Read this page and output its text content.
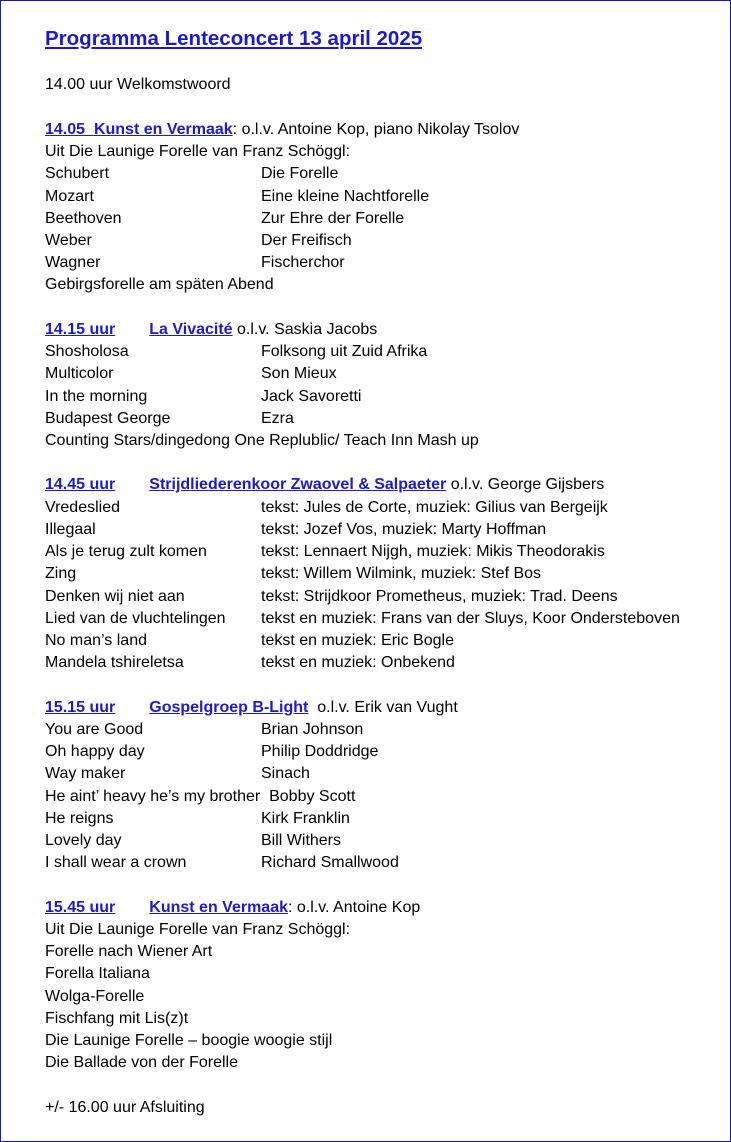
Programma Lenteconcert 13 april 2025
14.00 uur Welkomstwoord
14.05 Kunst en Vermaak: o.l.v. Antoine Kop, piano Nikolay Tsolov
Uit Die Launige Forelle van Franz Schöggl:
Schubert	Die Forelle
Mozart	Eine kleine Nachtforelle
Beethoven	Zur Ehre der Forelle
Weber	Der Freifisch
Wagner	Fischerchor
Gebirgsforelle am späten Abend
14.15 uur La Vivacité o.l.v. Saskia Jacobs
Shosholosa	Folksong uit Zuid Afrika
Multicolor	Son Mieux
In the morning	Jack Savoretti
Budapest George	Ezra
Counting Stars/dingedong One Replublic/ Teach Inn Mash up
14.45 uur Strijdliederenkoor Zwaovel & Salpaeter o.l.v. George Gijsbers
Vredeslied	tekst: Jules de Corte, muziek: Gilius van Bergeijk
Illegaal	tekst: Jozef Vos, muziek: Marty Hoffman
Als je terug zult komen	tekst: Lennaert Nijgh, muziek: Mikis Theodorakis
Zing	tekst: Willem Wilmink, muziek: Stef Bos
Denken wij niet aan	tekst: Strijdkoor Prometheus, muziek: Trad. Deens
Lied van de vluchtelingen tekst en muziek: Frans van der Sluys, Koor Ondersteboven
No man’s land	tekst en muziek: Eric Bogle
Mandela tshireletsa	tekst en muziek: Onbekend
15.15 uur Gospelgroep B-Light  o.l.v. Erik van Vught
You are Good	Brian Johnson
Oh happy day	Philip Doddridge
Way maker	Sinach
He aint’ heavy he’s my brother  Bobby Scott
He reigns	Kirk Franklin
Lovely day	Bill Withers
I shall wear a crown	Richard Smallwood
15.45 uur Kunst en Vermaak: o.l.v. Antoine Kop
Uit Die Launige Forelle van Franz Schöggl:
Forelle nach Wiener Art
Forella Italiana
Wolga-Forelle
Fischfang mit Lis(z)t
Die Launige Forelle – boogie woogie stijl
Die Ballade von der Forelle
+/- 16.00 uur Afsluiting
